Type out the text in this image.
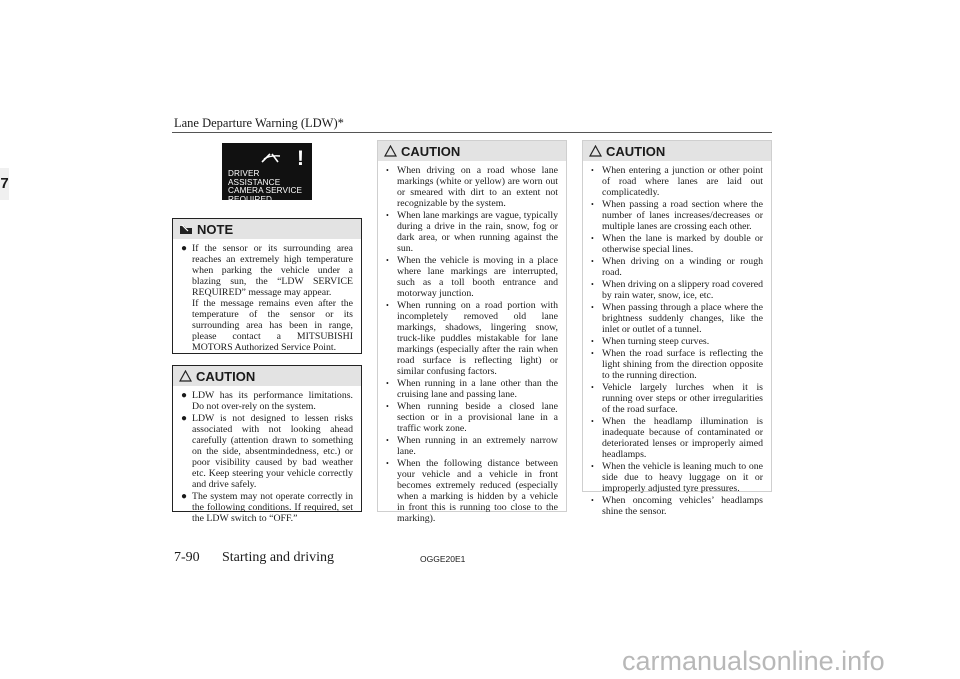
Lane Departure Warning (LDW)*
7
!
DRIVER ASSISTANCE
CAMERA SERVICE
REQUIRED
NOTE
● If the sensor or its surrounding area reaches an extremely high temperature when parking the vehicle under a blazing sun, the “LDW SERVICE REQUIRED” message may appear.
If the message remains even after the temperature of the sensor or its surrounding area has been in range, please contact a MITSUBISHI MOTORS Authorized Service Point.
CAUTION
● LDW has its performance limitations. Do not over-rely on the system.
● LDW is not designed to lessen risks associated with not looking ahead carefully (attention drawn to something on the side, absentmindedness, etc.) or poor visibility caused by bad weather etc. Keep steering your vehicle correctly and drive safely.
● The system may not operate correctly in the following conditions. If required, set the LDW switch to “OFF.”
CAUTION
• When driving on a road whose lane markings (white or yellow) are worn out or smeared with dirt to an extent not recognizable by the system.
• When lane markings are vague, typically during a drive in the rain, snow, fog or dark area, or when running against the sun.
• When the vehicle is moving in a place where lane markings are interrupted, such as a toll booth entrance and motorway junction.
• When running on a road portion with incompletely removed old lane markings, shadows, lingering snow, truck-like puddles mistakable for lane markings (especially after the rain when road surface is reflecting light) or similar confusing factors.
• When running in a lane other than the cruising lane and passing lane.
• When running beside a closed lane section or in a provisional lane in a traffic work zone.
• When running in an extremely narrow lane.
• When the following distance between your vehicle and a vehicle in front becomes extremely reduced (especially when a marking is hidden by a vehicle in front this is running too close to the marking).
CAUTION
• When entering a junction or other point of road where lanes are laid out complicatedly.
• When passing a road section where the number of lanes increases/decreases or multiple lanes are crossing each other.
• When the lane is marked by double or otherwise special lines.
• When driving on a winding or rough road.
• When driving on a slippery road covered by rain water, snow, ice, etc.
• When passing through a place where the brightness suddenly changes, like the inlet or outlet of a tunnel.
• When turning steep curves.
• When the road surface is reflecting the light shining from the direction opposite to the running direction.
• Vehicle largely lurches when it is running over steps or other irregularities of the road surface.
• When the headlamp illumination is inadequate because of contaminated or deteriorated lenses or improperly aimed headlamps.
• When the vehicle is leaning much to one side due to heavy luggage on it or improperly adjusted tyre pressures.
• When oncoming vehicles’ headlamps shine the sensor.
7-90 Starting and driving	OGGE20E1
carmanualsonline.info
